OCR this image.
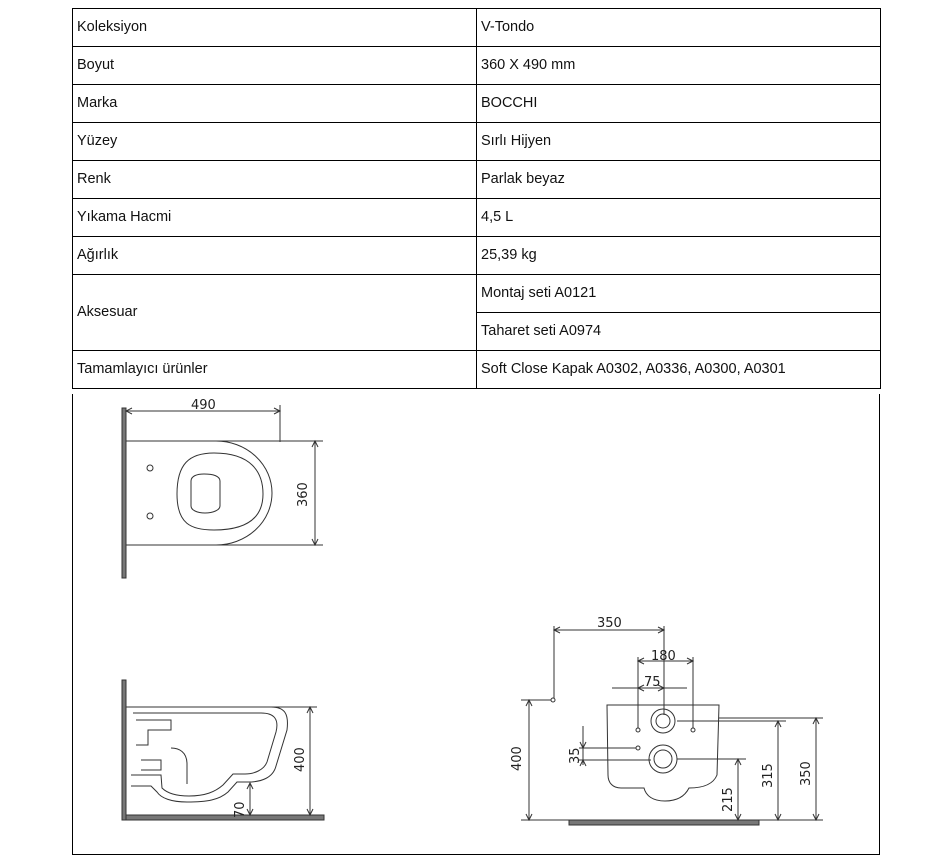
Koleksiyon	V-Tondo
Boyut	360 X 490 mm
Marka	BOCCHI
Yüzey	Sırlı Hijyen
Renk	Parlak beyaz
Yıkama Hacmi	4,5 L
Ağırlık	25,39 kg
Aksesuar	Montaj seti A0121
	Taharet seti A0974
Tamamlayıcı ürünler	Soft Close Kapak A0302, A0336, A0300, A0301
490
360
400
70
350
180
75
400	35
215
315 350
